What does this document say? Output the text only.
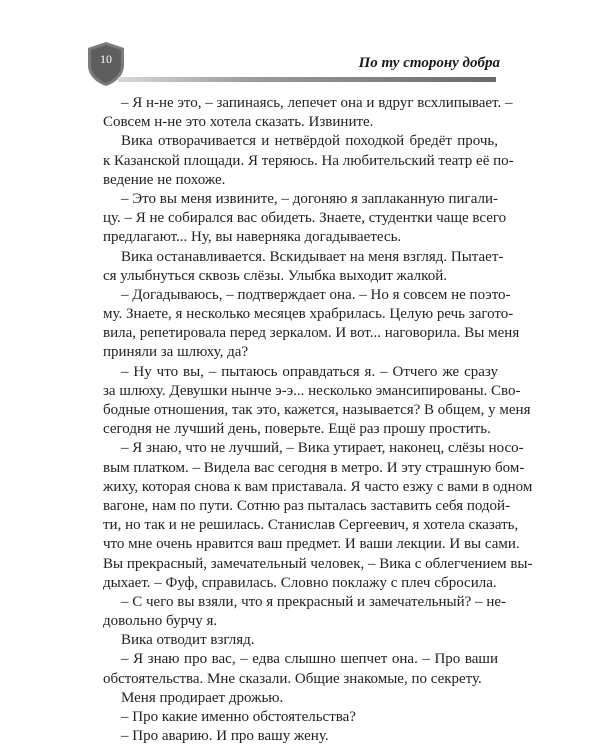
10	По ту сторону добра
– Я н-не это, – запинаясь, лепечет она и вдруг всхлипывает. –
Совсем н-не это хотела сказать. Извините.
Вика отворачивается и нетвёрдой походкой бредёт прочь,
к Казанской площади. Я теряюсь. На любительский театр её по-
ведение не похоже.
– Это вы меня извините, – догоняю я заплаканную пигали-
цу. – Я не собирался вас обидеть. Знаете, студентки чаще всего
предлагают... Ну, вы наверняка догадываетесь.
Вика останавливается. Вскидывает на меня взгляд. Пытает-
ся улыбнуться сквозь слёзы. Улыбка выходит жалкой.
– Догадываюсь, – подтверждает она. – Но я совсем не поэто-
му. Знаете, я несколько месяцев храбрилась. Целую речь загото-
вила, репетировала перед зеркалом. И вот... наговорила. Вы меня
приняли за шлюху, да?
– Ну что вы, – пытаюсь оправдаться я. – Отчего же сразу
за шлюху. Девушки нынче э-э... несколько эмансипированы. Сво-
бодные отношения, так это, кажется, называется? В общем, у меня
сегодня не лучший день, поверьте. Ещё раз прошу простить.
– Я знаю, что не лучший, – Вика утирает, наконец, слёзы носо-
вым платком. – Видела вас сегодня в метро. И эту страшную бом-
жиху, которая снова к вам приставала. Я часто езжу с вами в одном
вагоне, нам по пути. Сотню раз пыталась заставить себя подой-
ти, но так и не решилась. Станислав Сергеевич, я хотела сказать,
что мне очень нравится ваш предмет. И ваши лекции. И вы сами.
Вы прекрасный, замечательный человек, – Вика с облегчением вы-
дыхает. – Фуф, справилась. Словно поклажу с плеч сбросила.
– С чего вы взяли, что я прекрасный и замечательный? – не-
довольно бурчу я.
Вика отводит взгляд.
– Я знаю про вас, – едва слышно шепчет она. – Про ваши
обстоятельства. Мне сказали. Общие знакомые, по секрету.
Меня продирает дрожью.
– Про какие именно обстоятельства?
– Про аварию. И про вашу жену.
